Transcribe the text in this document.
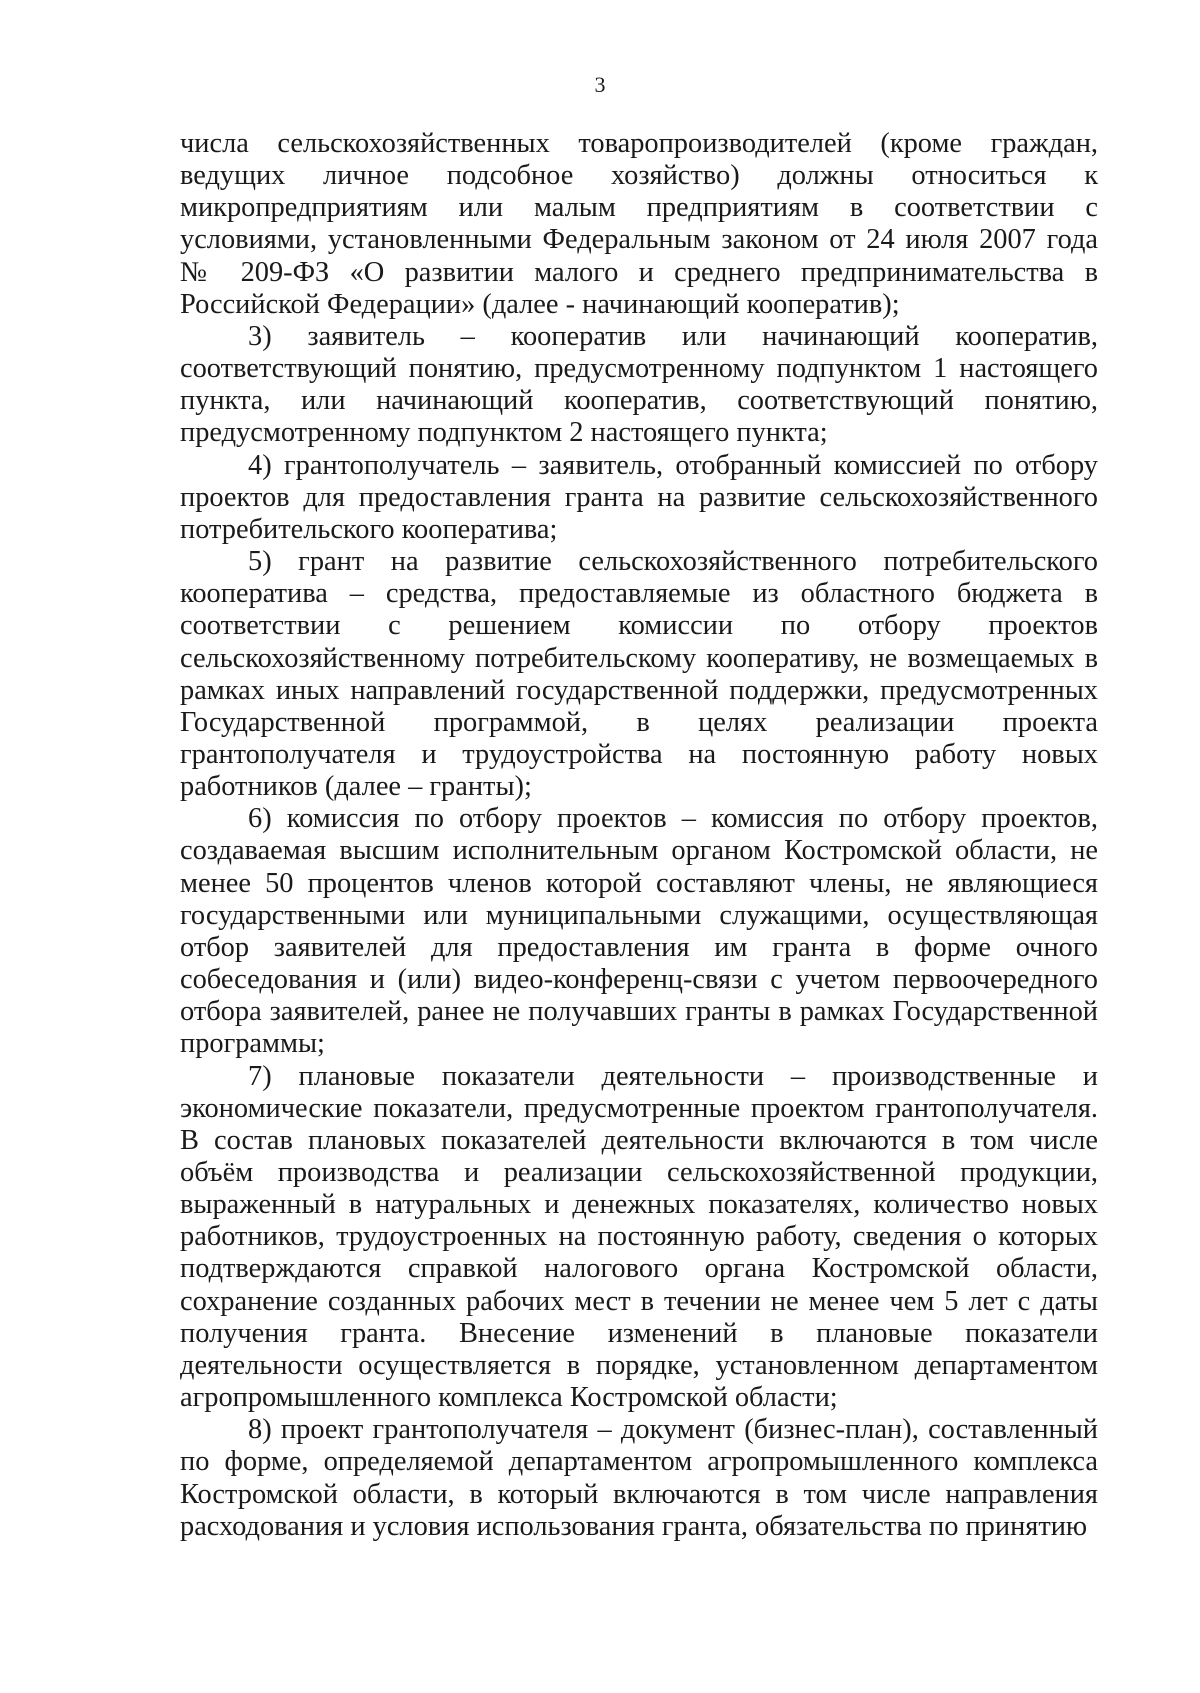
3

числа сельскохозяйственных товаропроизводителей (кроме граждан, ведущих личное подсобное хозяйство) должны относиться к микропредприятиям или малым предприятиям в соответствии с условиями, установленными Федеральным законом от 24 июля 2007 года № 209-ФЗ «О развитии малого и среднего предпринимательства в Российской Федерации» (далее - начинающий кооператив);

3) заявитель – кооператив или начинающий кооператив, соответствующий понятию, предусмотренному подпунктом 1 настоящего пункта, или начинающий кооператив, соответствующий понятию, предусмотренному подпунктом 2 настоящего пункта;

4) грантополучатель – заявитель, отобранный комиссией по отбору проектов для предоставления гранта на развитие сельскохозяйственного потребительского кооператива;

5) грант на развитие сельскохозяйственного потребительского кооператива – средства, предоставляемые из областного бюджета в соответствии с решением комиссии по отбору проектов сельскохозяйственному потребительскому кооперативу, не возмещаемых в рамках иных направлений государственной поддержки, предусмотренных Государственной программой, в целях реализации проекта грантополучателя и трудоустройства на постоянную работу новых работников (далее – гранты);

6) комиссия по отбору проектов – комиссия по отбору проектов, создаваемая высшим исполнительным органом Костромской области, не менее 50 процентов членов которой составляют члены, не являющиеся государственными или муниципальными служащими, осуществляющая отбор заявителей для предоставления им гранта в форме очного собеседования и (или) видео-конференц-связи с учетом первоочередного отбора заявителей, ранее не получавших гранты в рамках Государственной программы;

7) плановые показатели деятельности – производственные и экономические показатели, предусмотренные проектом грантополучателя. В состав плановых показателей деятельности включаются в том числе объём производства и реализации сельскохозяйственной продукции, выраженный в натуральных и денежных показателях, количество новых работников, трудоустроенных на постоянную работу, сведения о которых подтверждаются справкой налогового органа Костромской области, сохранение созданных рабочих мест в течении не менее чем 5 лет с даты получения гранта. Внесение изменений в плановые показатели деятельности осуществляется в порядке, установленном департаментом агропромышленного комплекса Костромской области;

8) проект грантополучателя – документ (бизнес-план), составленный по форме, определяемой департаментом агропромышленного комплекса Костромской области, в который включаются в том числе направления расходования и условия использования гранта, обязательства по принятию
